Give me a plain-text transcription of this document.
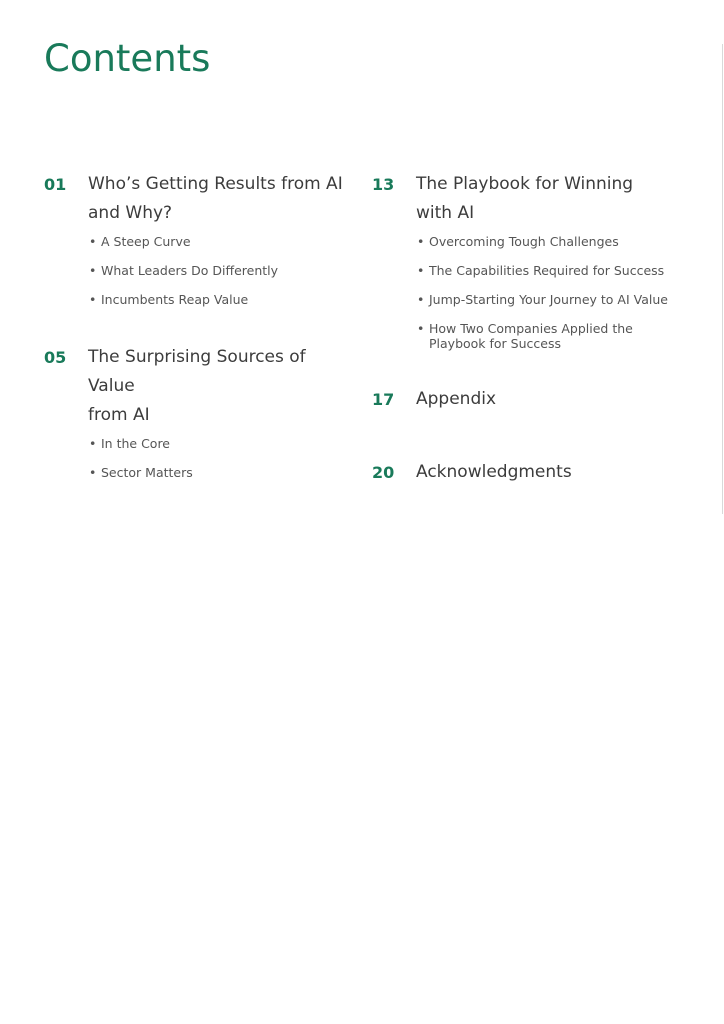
Contents
01 Who’s Getting Results from AI
and Why?
• A Steep Curve
• What Leaders Do Differently
• Incumbents Reap Value
05 The Surprising Sources of Value
from AI
• In the Core
• Sector Matters
13 The Playbook for Winning
with AI
• Overcoming Tough Challenges
• The Capabilities Required for Success
• Jump-Starting Your Journey to AI Value
• How Two Companies Applied the Playbook for Success
17 Appendix
20 Acknowledgments
